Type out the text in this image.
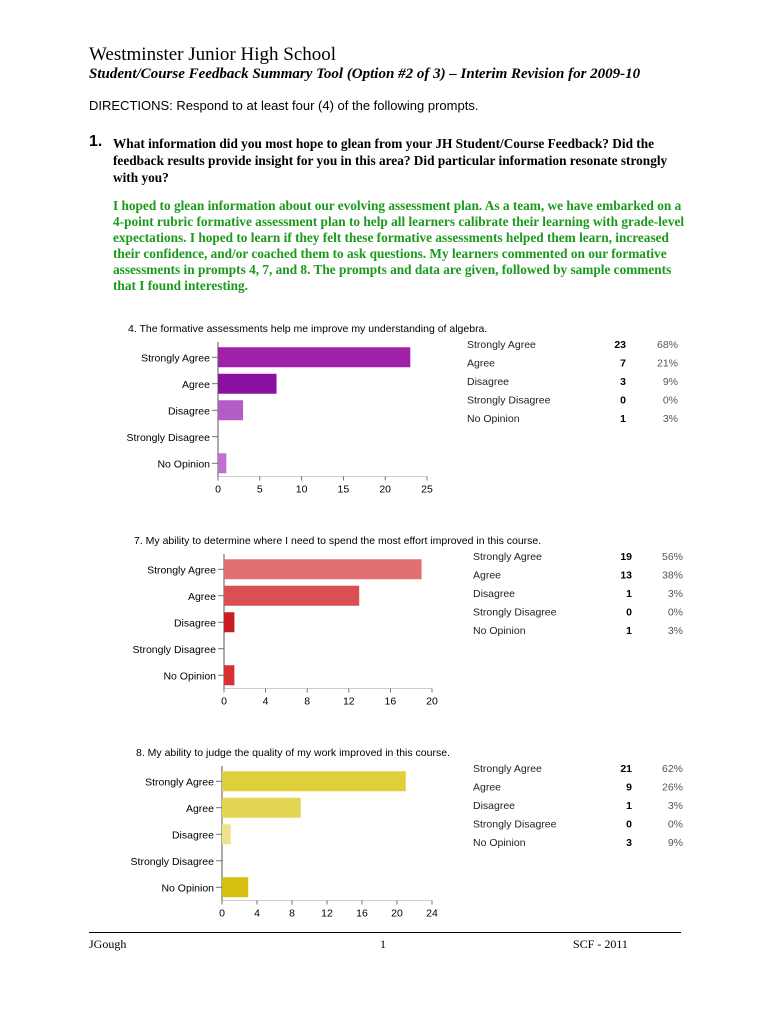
Westminster Junior High School
Student/Course Feedback Summary Tool (Option #2 of 3) – Interim Revision for 2009-10
DIRECTIONS: Respond to at least four (4) of the following prompts.
1. What information did you most hope to glean from your JH Student/Course Feedback? Did the feedback results provide insight for you in this area? Did particular information resonate strongly with you?
I hoped to glean information about our evolving assessment plan. As a team, we have embarked on a 4-point rubric formative assessment plan to help all learners calibrate their learning with grade-level expectations. I hoped to learn if they felt these formative assessments helped them learn, increased their confidence, and/or coached them to ask questions. My learners commented on our formative assessments in prompts 4, 7, and 8. The prompts and data are given, followed by sample comments that I found interesting.
4. The formative assessments help me improve my understanding of algebra.
Strongly Agree
Strongly Agree	23	68%
Agree
Agree	7	21%
Disagree
Disagree	3	9%
Strongly Disagree
Strongly Disagree	0	0%
No Opinion
No Opinion	1	3%
0	5	10	15	20	25
7. My ability to determine where I need to spend the most effort improved in this course.
Strongly Agree
Strongly Agree	19	56%
Agree
Agree	13	38%
Disagree
Disagree	1	3%
Strongly Disagree
Strongly Disagree	0	0%
No Opinion
No Opinion	1	3%
0	4	8	12	16	20
8. My ability to judge the quality of my work improved in this course.
Strongly Agree
Strongly Agree	21	62%
Agree
Agree	9	26%
Disagree
Disagree	1	3%
Strongly Disagree
Strongly Disagree	0	0%
No Opinion
No Opinion	3	9%
0	4	8 12 16 20 24
JGough	1	SCF - 2011
